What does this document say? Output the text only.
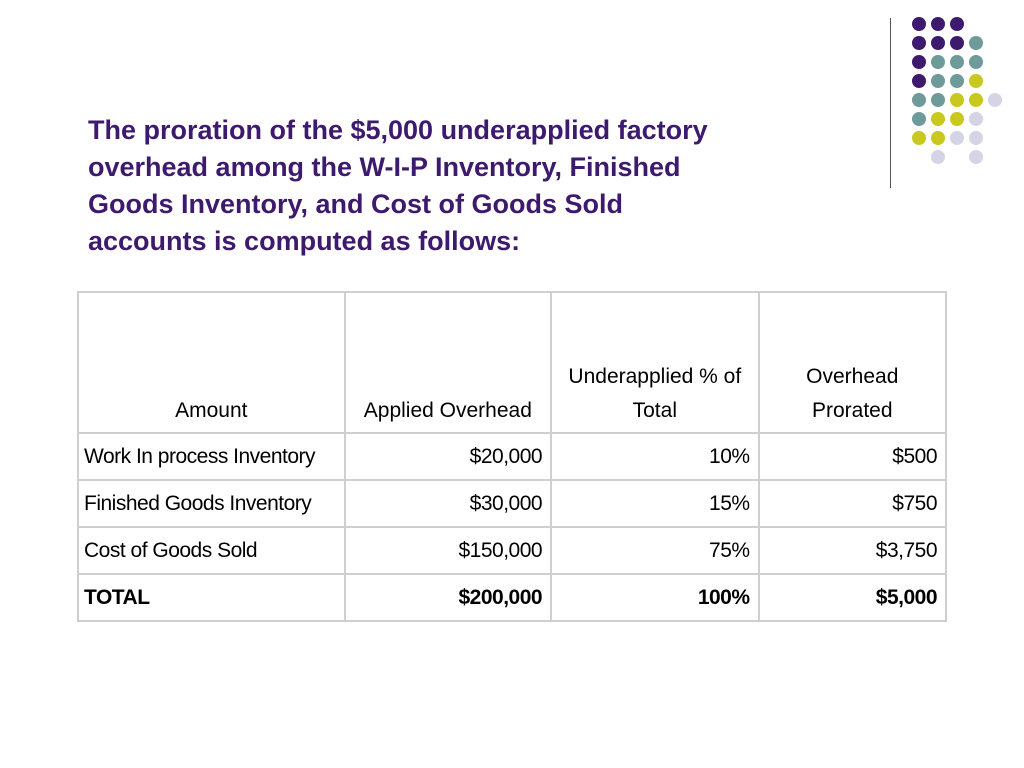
The proration of the $5,000 underapplied factory
overhead among the W-I-P Inventory, Finished
Goods Inventory, and Cost of Goods Sold
accounts is computed as follows:
Amount	Applied Overhead	Underapplied % of Total	Overhead Prorated
Work In process Inventory	$20,000	10%	$500
Finished Goods Inventory	$30,000	15%	$750
Cost of Goods Sold	$150,000	75%	$3,750
TOTAL	$200,000	100%	$5,000
